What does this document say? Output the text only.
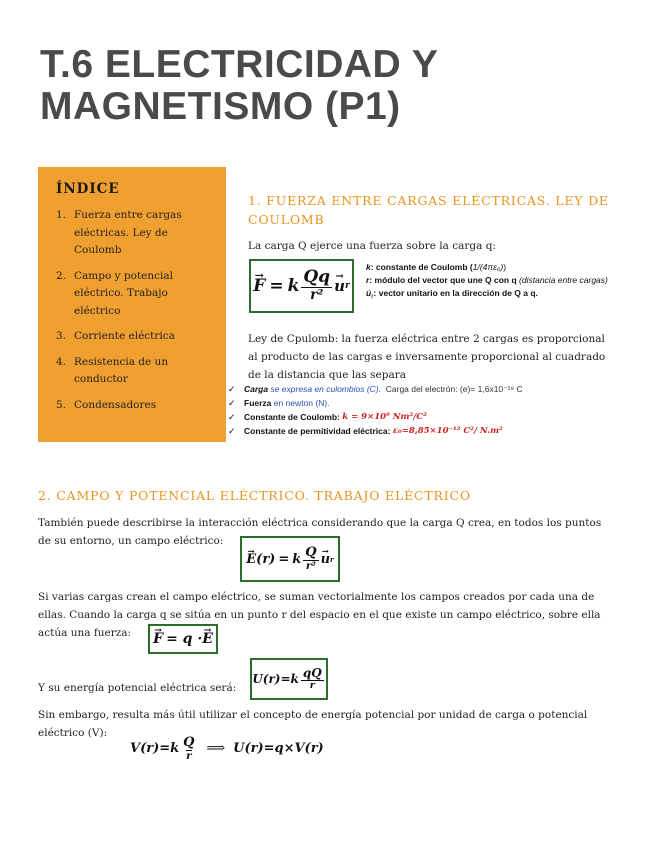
T.6 ELECTRICIDAD Y
MAGNETISMO (P1)
ÍNDICE
1. Fuerza entre cargas
eléctricas. Ley de
Coulomb
2. Campo y potencial
eléctrico. Trabajo
eléctrico
3. Corriente eléctrica
4. Resistencia de un
conductor
5. Condensadores
1. FUERZA ENTRE CARGAS ELÉCTRICAS. LEY DE
COULOMB
La carga Q ejerce una fuerza sobre la carga q:
→ F = k $\frac{Qq}{\text{r²}}$
→ u r
k: constante de Coulomb (1/(4πε₀))
r: módulo del vector que une Q con q (distancia entre cargas)
→ $u_r$: vector unitario en la dirección de Q a q.
Ley de Cpulomb: la fuerza eléctrica entre 2 cargas es proporcional
al producto de las cargas e inversamente proporcional al cuadrado
de la distancia que las separa
✓ Carga
se expresa en culombios (C).
Carga del electrón: (e)= 1,6x10⁻¹⁹ C
✓ Fuerza
en newton (N).
✓ Constante de Coulomb:
k = 9×10⁹ Nm²/C²
✓ Constante de permitividad eléctrica:
ε₀=8,85×10⁻¹² C²/ N.m²
2. CAMPO Y POTENCIAL ELÉCTRICO. TRABAJO ELÉCTRICO
También puede describirse la interacción eléctrica considerando que la carga Q crea, en todos los puntos
de su entorno, un campo eléctrico:
→ E (r) = k $\frac{Q}{\text{r²}}$
→ u r
Si varias cargas crean el campo eléctrico, se suman vectorialmente los campos creados por cada una de
ellas. Cuando la carga q se sitúa en un punto r del espacio en el que existe un campo eléctrico, sobre ella
actúa una fuerza:
→	F = q ·
→ E
Y su energía potencial eléctrica será:
$U(r)=k \frac{qQ}{r}$
Sin embargo, resulta más útil utilizar el concepto de energía potencial por unidad de carga o potencial
eléctrico (V):
$V(r)=k \frac{Q}{r}$ ⟹ U(r)=q×V(r)
